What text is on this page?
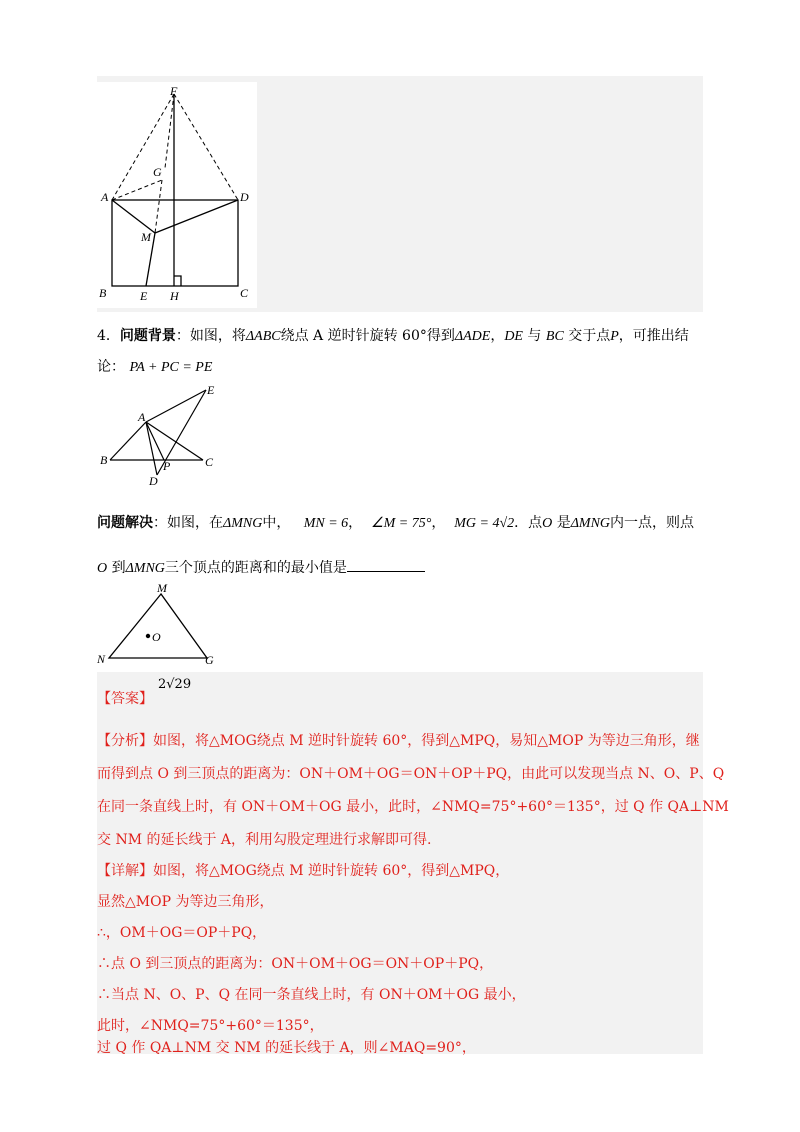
F
G
A	D
M
B	E H	C
4．问题背景：如图，将ΔABC绕点 A 逆时针旋转 60°得到ΔADE，DE 与 BC 交于点P，可推出结
论： PA + PC = PE
A
E
B	P	C
D
问题解决：如图，在ΔMNG中， MN = 6，  ∠M = 75°，  MG = 4√2．点O 是ΔMNG内一点，则点
O 到ΔMNG三个顶点的距离和的最小值是
M
O
N	G
【答案】
2√29
【分析】如图，将△MOG绕点 M 逆时针旋转 60°，得到△MPQ，易知△MOP 为等边三角形，继
而得到点 O 到三顶点的距离为：ON＋OM＋OG＝ON＋OP＋PQ，由此可以发现当点 N、O、P、Q
在同一条直线上时，有 ON＋OM＋OG 最小，此时，∠NMQ=75°+60°＝135°，过 Q 作 QA⊥NM
交 NM 的延长线于 A，利用勾股定理进行求解即可得.
【详解】如图，将△MOG绕点 M 逆时针旋转 60°，得到△MPQ，
显然△MOP 为等边三角形，
∴，OM＋OG＝OP＋PQ，
∴点 O 到三顶点的距离为：ON＋OM＋OG＝ON＋OP＋PQ，
∴当点 N、O、P、Q 在同一条直线上时，有 ON＋OM＋OG 最小，
此时，∠NMQ=75°+60°＝135°，
过 Q 作 QA⊥NM 交 NM 的延长线于 A，则∠MAQ=90°，
